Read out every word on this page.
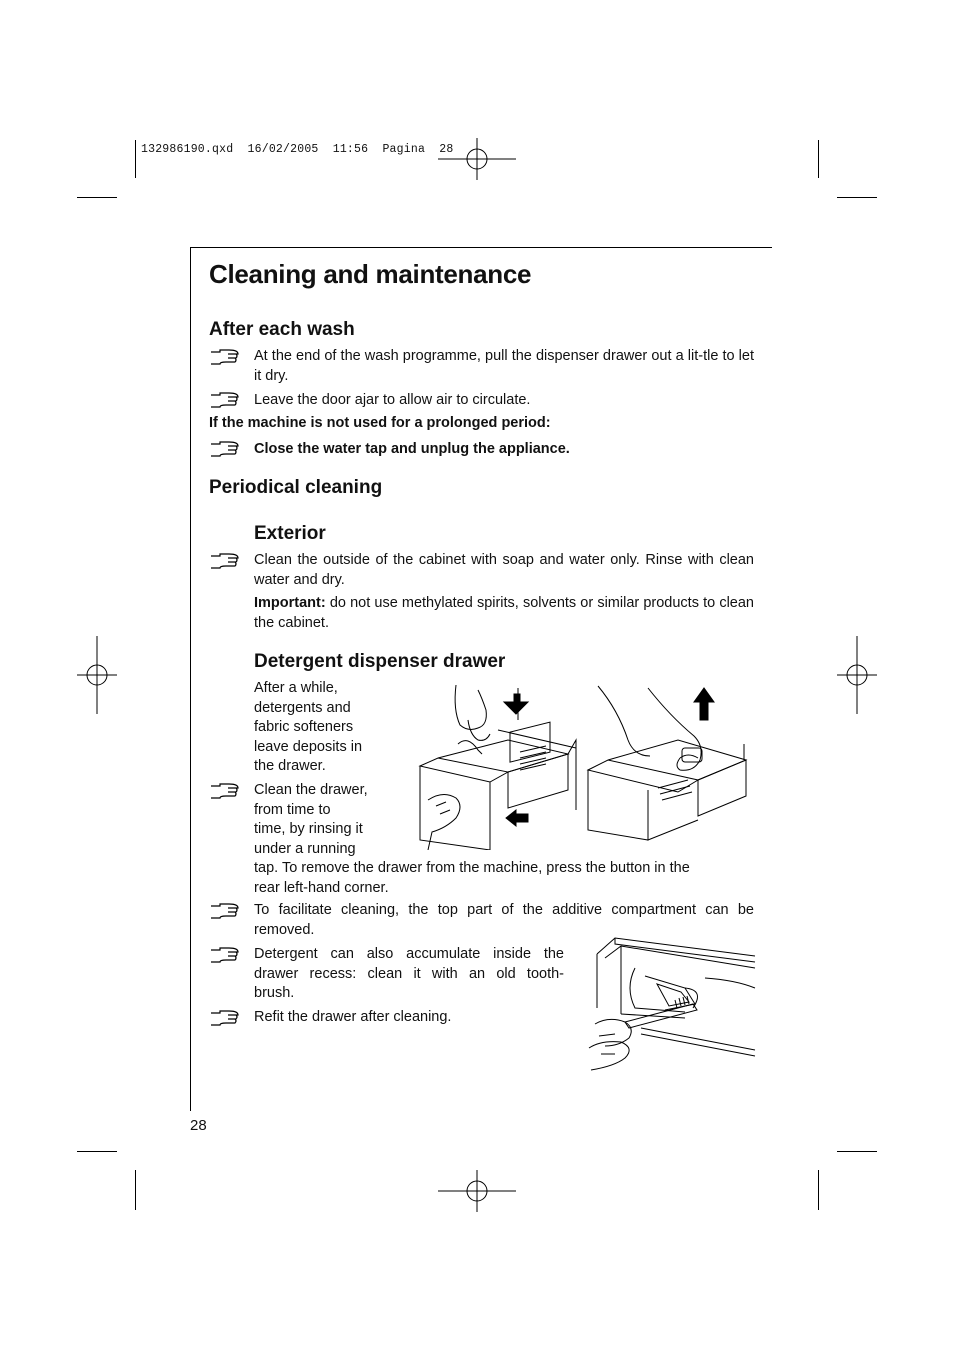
132986190.qxd  16/02/2005  11:56  Pagina  28
Cleaning and maintenance
After each wash
At the end of the wash programme, pull the dispenser drawer out a lit-tle to let it dry.
Leave the door ajar to allow air to circulate.
If the machine is not used for a prolonged period:
Close the water tap and unplug the appliance.
Periodical cleaning
Exterior
Clean the outside of the cabinet with soap and water only. Rinse with clean water and dry.
Important: do not use methylated spirits, solvents or similar products to clean the cabinet.
Detergent dispenser drawer
After a while,
detergents and
fabric softeners
leave deposits in
the drawer.
Clean the drawer,
from time to
time, by rinsing it
under a running
tap. To remove the drawer from the machine, press the button in the
rear left-hand corner.
To facilitate cleaning, the top part of the additive compartment can be removed.
Detergent can also accumulate inside the
drawer recess: clean it with an old tooth-
brush.
Refit the drawer after cleaning.
28
